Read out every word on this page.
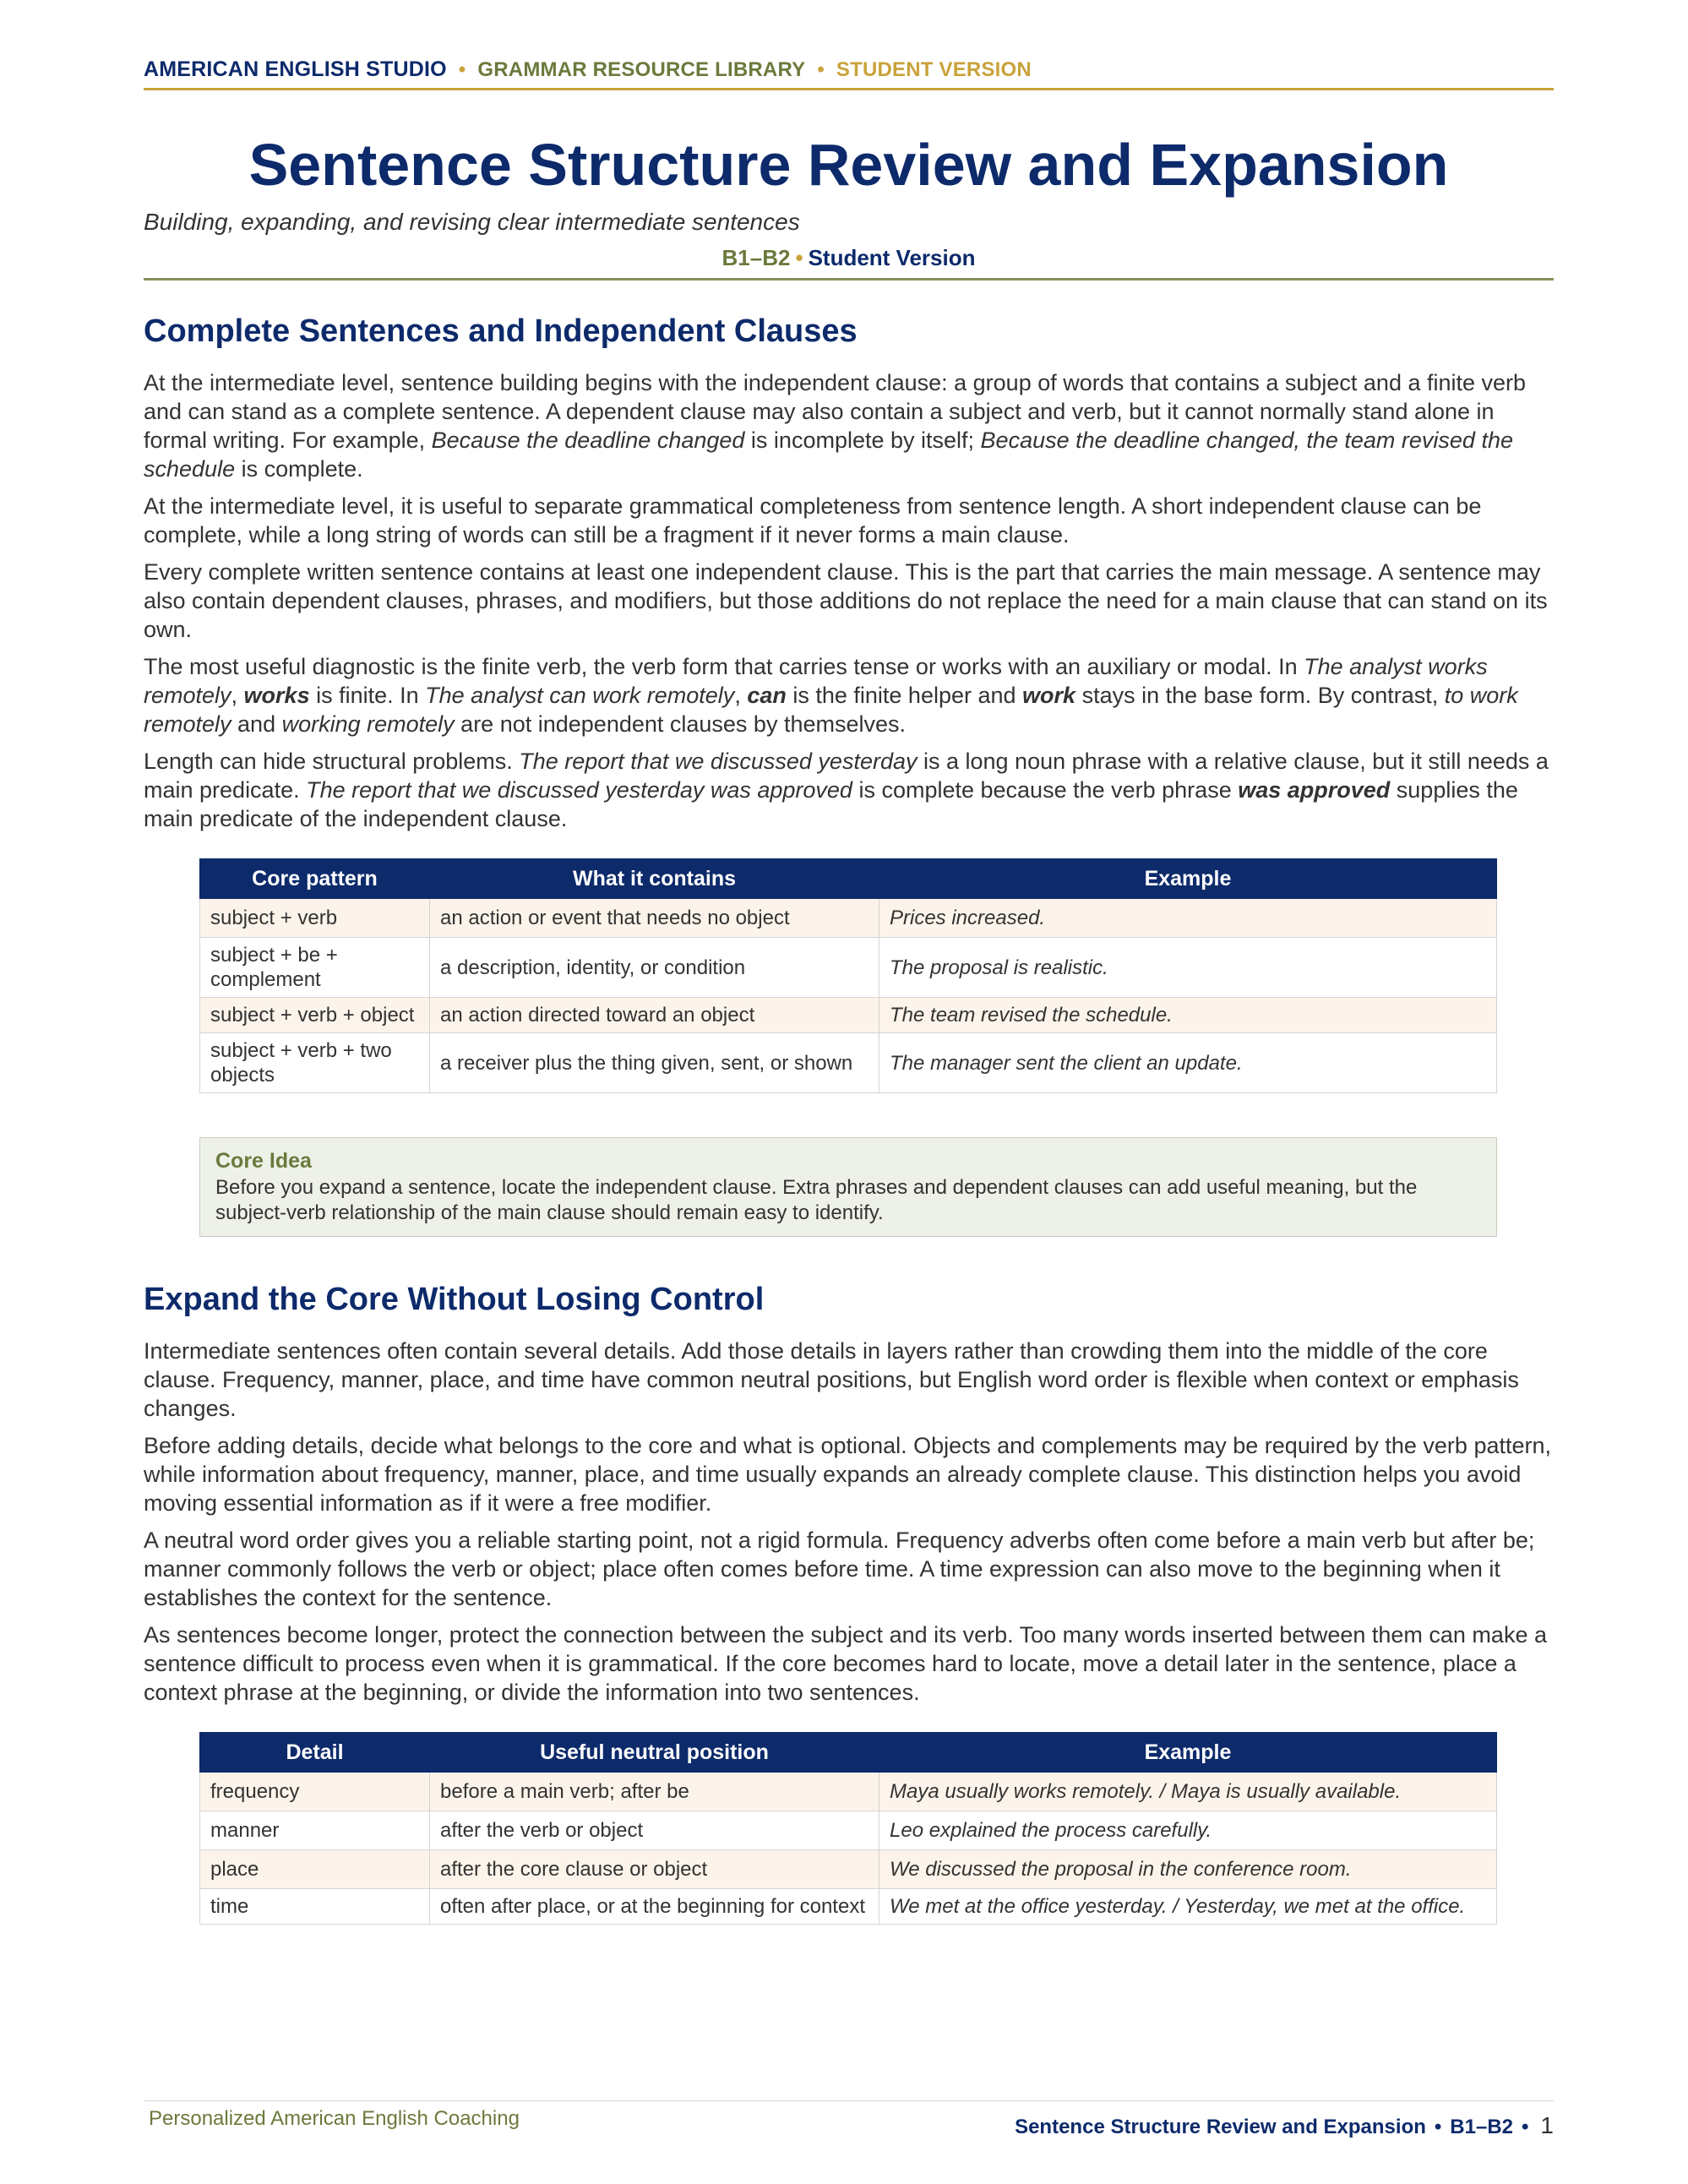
AMERICAN ENGLISH STUDIO • GRAMMAR RESOURCE LIBRARY • STUDENT VERSION
Sentence Structure Review and Expansion
Building, expanding, and revising clear intermediate sentences
B1–B2 • Student Version
Complete Sentences and Independent Clauses

At the intermediate level, sentence building begins with the independent clause: a group of words that contains a subject and a finite verb and can stand as a complete sentence. A dependent clause may also contain a subject and verb, but it cannot normally stand alone in formal writing. For example, Because the deadline changed is incomplete by itself; Because the deadline changed, the team revised the schedule is complete.

At the intermediate level, it is useful to separate grammatical completeness from sentence length. A short independent clause can be complete, while a long string of words can still be a fragment if it never forms a main clause.

Every complete written sentence contains at least one independent clause. This is the part that carries the main message. A sentence may also contain dependent clauses, phrases, and modifiers, but those additions do not replace the need for a main clause that can stand on its own.

The most useful diagnostic is the finite verb, the verb form that carries tense or works with an auxiliary or modal. In The analyst works remotely, works is finite. In The analyst can work remotely, can is the finite helper and work stays in the base form. By contrast, to work remotely and working remotely are not independent clauses by themselves.

Length can hide structural problems. The report that we discussed yesterday is a long noun phrase with a relative clause, but it still needs a main predicate. The report that we discussed yesterday was approved is complete because the verb phrase was approved supplies the main predicate of the independent clause.

Core pattern	What it contains	Example
subject + verb	an action or event that needs no object	Prices increased.
subject + be + complement	a description, identity, or condition	The proposal is realistic.
subject + verb + object	an action directed toward an object	The team revised the schedule.
subject + verb + two objects	a receiver plus the thing given, sent, or shown	The manager sent the client an update.
Core Idea
Before you expand a sentence, locate the independent clause. Extra phrases and dependent clauses can add useful meaning, but the subject-verb relationship of the main clause should remain easy to identify.
Expand the Core Without Losing Control

Intermediate sentences often contain several details. Add those details in layers rather than crowding them into the middle of the core clause. Frequency, manner, place, and time have common neutral positions, but English word order is flexible when context or emphasis changes.

Before adding details, decide what belongs to the core and what is optional. Objects and complements may be required by the verb pattern, while information about frequency, manner, place, and time usually expands an already complete clause. This distinction helps you avoid moving essential information as if it were a free modifier.

A neutral word order gives you a reliable starting point, not a rigid formula. Frequency adverbs often come before a main verb but after be; manner commonly follows the verb or object; place often comes before time. A time expression can also move to the beginning when it establishes the context for the sentence.

As sentences become longer, protect the connection between the subject and its verb. Too many words inserted between them can make a sentence difficult to process even when it is grammatical. If the core becomes hard to locate, move a detail later in the sentence, place a context phrase at the beginning, or divide the information into two sentences.

Detail	Useful neutral position	Example
frequency	before a main verb; after be	Maya usually works remotely. / Maya is usually available.
manner	after the verb or object	Leo explained the process carefully.
place	after the core clause or object	We discussed the proposal in the conference room.
time	often after place, or at the beginning for context	We met at the office yesterday. / Yesterday, we met at the office.
Personalized American English Coaching	Sentence Structure Review and Expansion • B1–B2 • 1
